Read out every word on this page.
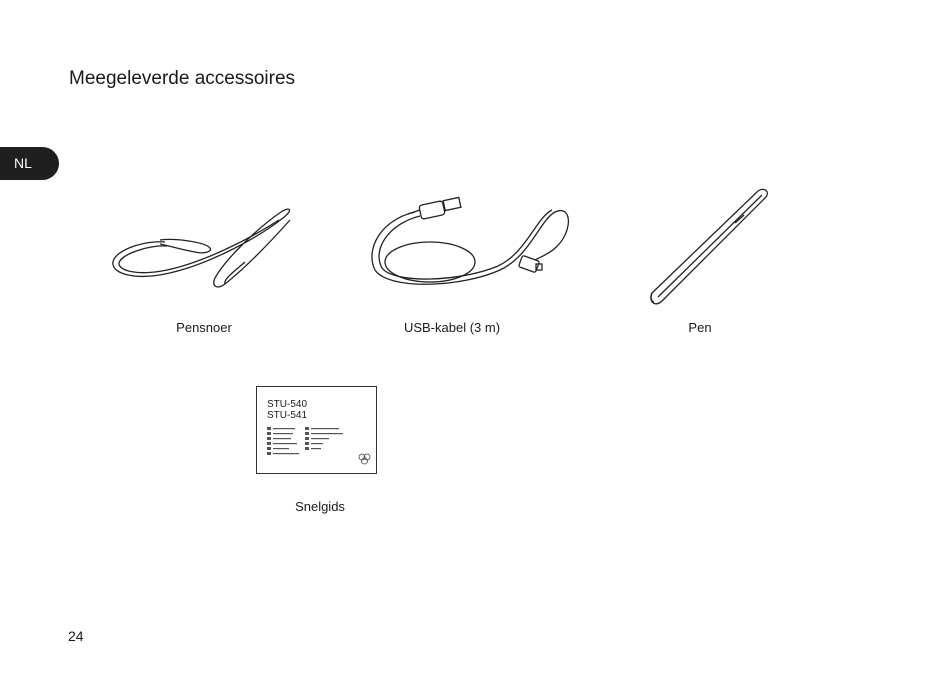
Meegeleverde accessoires
NL
STU-540
STU-541
Pensnoer	USB-kabel (3 m)	Pen
Snelgids
24
